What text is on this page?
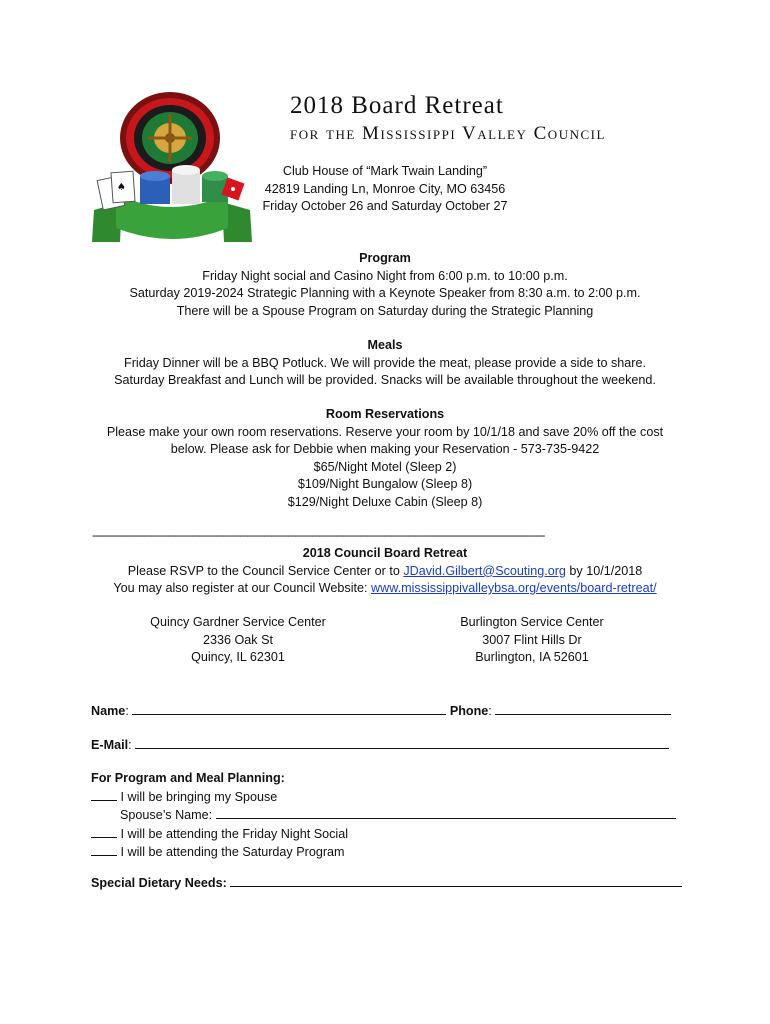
♠
2018 Board Retreat
for the Mississippi Valley Council
Club House of “Mark Twain Landing”
42819 Landing Ln, Monroe City, MO 63456
Friday October 26 and Saturday October 27
Program
Friday Night social and Casino Night from 6:00 p.m. to 10:00 p.m.
Saturday 2019-2024 Strategic Planning with a Keynote Speaker from 8:30 a.m. to 2:00 p.m.
There will be a Spouse Program on Saturday during the Strategic Planning
Meals
Friday Dinner will be a BBQ Potluck. We will provide the meat, please provide a side to share.
Saturday Breakfast and Lunch will be provided. Snacks will be available throughout the weekend.
Room Reservations
Please make your own room reservations. Reserve your room by 10/1/18 and save 20% off the cost
below. Please ask for Debbie when making your Reservation - 573-735-9422
$65/Night Motel (Sleep 2)
$109/Night Bungalow (Sleep 8)
$129/Night Deluxe Cabin (Sleep 8)
-------------------------------------------------------------------------------------------------------------------------------------------------------
2018 Council Board Retreat
Please RSVP to the Council Service Center or to JDavid.Gilbert@Scouting.org by 10/1/2018
You may also register at our Council Website: www.mississippivalleybsa.org/events/board-retreat/
Quincy Gardner Service Center
2336 Oak St
Quincy, IL 62301
Burlington Service Center
3007 Flint Hills Dr
Burlington, IA 52601
Name:	Phone:
E-Mail:
For Program and Meal Planning:
I will be bringing my Spouse
Spouse’s Name:
I will be attending the Friday Night Social
I will be attending the Saturday Program
Special Dietary Needs:
